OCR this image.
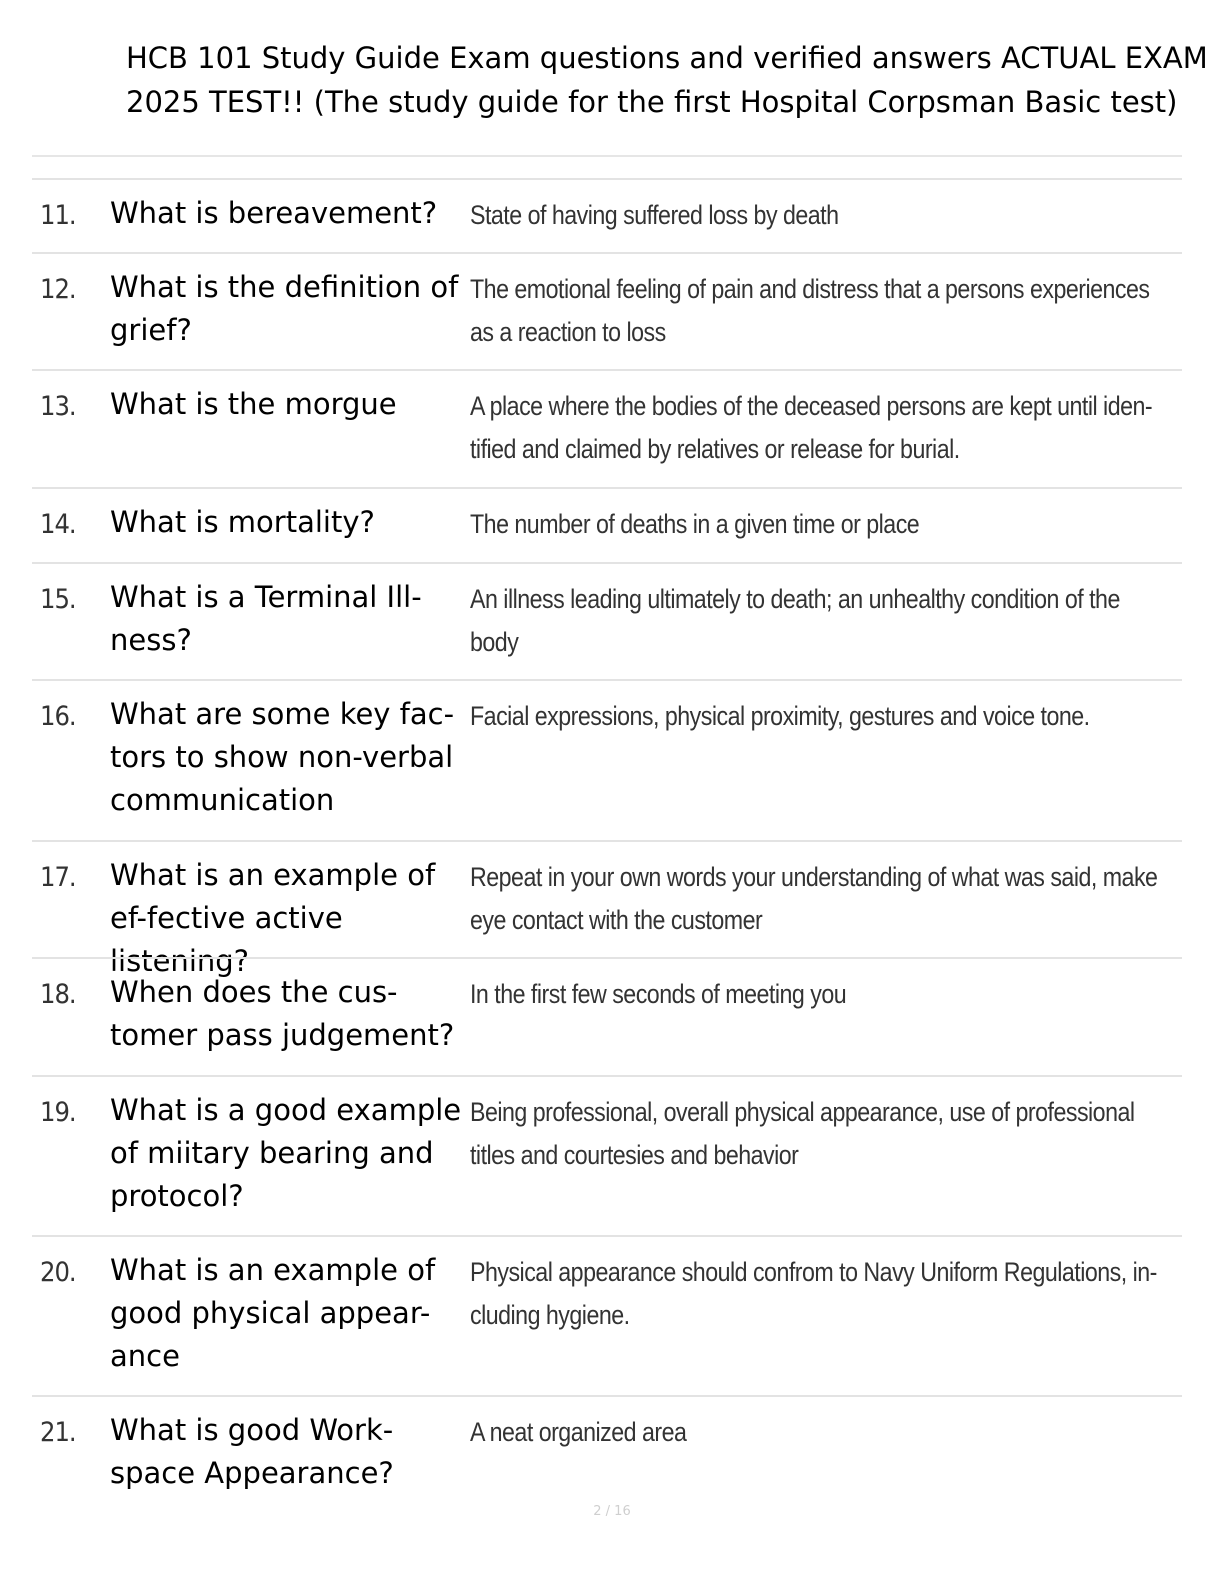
HCB 101 Study Guide Exam questions and verified answers ACTUAL EXAM
2025 TEST!! (The study guide for the first Hospital Corpsman Basic test)
11. What is bereavement?	State of having suffered loss by death
12. What is the definition of grief?
The emotional feeling of pain and distress that a persons experiences as a reaction to loss
13. What is the morgue	A place where the bodies of the deceased persons are kept until iden-tified and claimed by relatives or release for burial.
14. What is mortality?	The number of deaths in a given time or place
15. What is a Terminal Ill-ness?
An illness leading ultimately to death; an unhealthy condition of the body
16. What are some key fac-tors to show non-verbal communication
Facial expressions, physical proximity, gestures and voice tone.
17. What is an example of ef-fective active listening?
Repeat in your own words your understanding of what was said, make eye contact with the customer
18. When does the cus-tomer pass judgement?
In the first few seconds of meeting you
19. What is a good example of miitary bearing and protocol?
Being professional, overall physical appearance, use of professional titles and courtesies and behavior
20. What is an example of good physical appear-ance
Physical appearance should confrom to Navy Uniform Regulations, in-cluding hygiene.
21. What is good Work-space Appearance?
A neat organized area
2 / 16
